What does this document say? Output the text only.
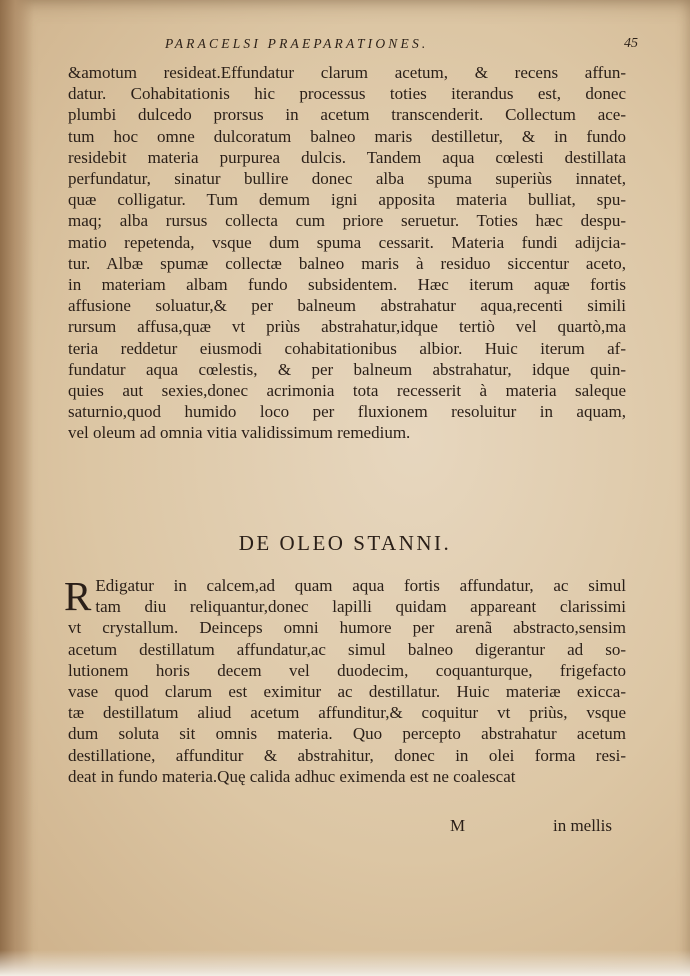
PARACELSI PRAEPARATIONES.	45
&amotum resideat.Effundatur clarum acetum, & recens affun-
datur. Cohabitationis hic processus toties iterandus est, donec
plumbi dulcedo prorsus in acetum transcenderit. Collectum ace-
tum hoc omne dulcoratum balneo maris destilletur, & in fundo
residebit materia purpurea dulcis. Tandem aqua cœlesti destillata
perfundatur, sinatur bullire donec alba spuma superiùs innatet,
quæ colligatur. Tum demum igni apposita materia bulliat, spu-
maq; alba rursus collecta cum priore seruetur. Toties hæc despu-
matio repetenda, vsque dum spuma cessarit. Materia fundi adijcia-
tur. Albæ spumæ collectæ balneo maris à residuo siccentur aceto,
in materiam albam fundo subsidentem. Hæc iterum aquæ fortis
affusione soluatur,& per balneum abstrahatur aqua,recenti simili
rursum affusa,quæ vt priùs abstrahatur,idque tertiò vel quartò,ma
teria reddetur eiusmodi cohabitationibus albior. Huic iterum af-
fundatur aqua cœlestis, & per balneum abstrahatur, idque quin-
quies aut sexies,donec acrimonia tota recesserit à materia saleque
saturnio,quod humido loco per fluxionem resoluitur in aquam,
vel oleum ad omnia vitia validissimum remedium.
DE OLEO STANNI.
R Edigatur in calcem,ad quam aqua fortis affundatur, ac simul
tam diu reliquantur,donec lapilli quidam appareant clarissimi
vt crystallum. Deinceps omni humore per arenã abstracto,sensim
acetum destillatum affundatur,ac simul balneo digerantur ad so-
lutionem horis decem vel duodecim, coquanturque, frigefacto
vase quod clarum est eximitur ac destillatur. Huic materiæ exicca-
tæ destillatum aliud acetum affunditur,& coquitur vt priùs, vsque
dum soluta sit omnis materia. Quo percepto abstrahatur acetum
destillatione, affunditur & abstrahitur, donec in olei forma resi-
deat in fundo materia.Quę calida adhuc eximenda est ne coalescat
M	in mellis
